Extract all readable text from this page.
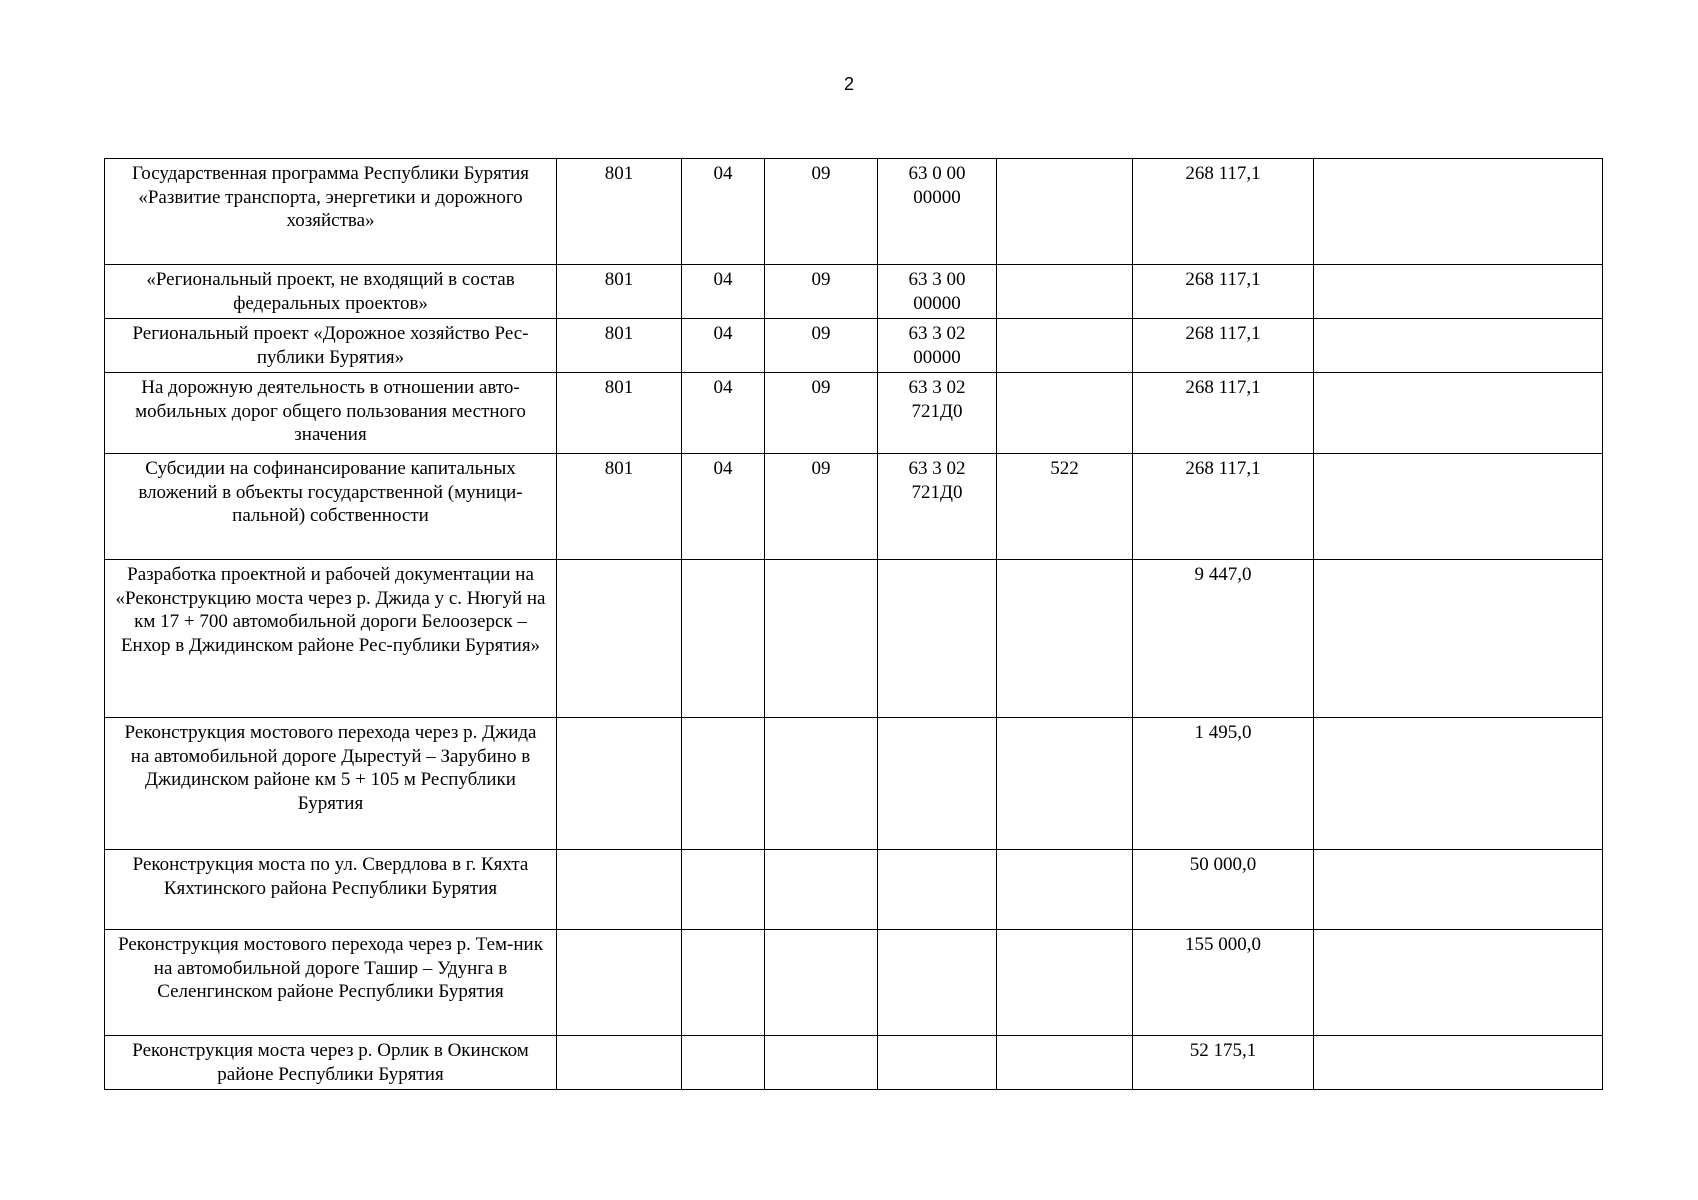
2
Государственная программа Республики Бурятия «Развитие транспорта, энергетики и дорожного хозяйства»	801	04	09	63 0 00 00000		268 117,1	
«Региональный проект, не входящий в состав федеральных проектов»	801	04	09	63 3 00 00000		268 117,1	
Региональный проект «Дорожное хозяйство Рес-публики Бурятия»	801	04	09	63 3 02 00000		268 117,1	
На дорожную деятельность в отношении авто-мобильных дорог общего пользования местного значения	801	04	09	63 3 02 721Д0		268 117,1	
Субсидии на софинансирование капитальных вложений в объекты государственной (муници-пальной) собственности	801	04	09	63 3 02 721Д0	522	268 117,1	
Разработка проектной и рабочей документации на «Реконструкцию моста через р. Джида у с. Нюгуй на км 17 + 700 автомобильной дороги Белоозерск – Енхор в Джидинском районе Рес-публики Бурятия»						9 447,0	
Реконструкция мостового перехода через р. Джида на автомобильной дороге Дырестуй – Зарубино в Джидинском районе км 5 + 105 м Республики Бурятия						1 495,0	
Реконструкция моста по ул. Свердлова в г. Кяхта Кяхтинского района Республики Бурятия						50 000,0	
Реконструкция мостового перехода через р. Тем-ник на автомобильной дороге Ташир – Удунга в Селенгинском районе Республики Бурятия						155 000,0	
Реконструкция моста через р. Орлик в Окинском районе Республики Бурятия						52 175,1	
